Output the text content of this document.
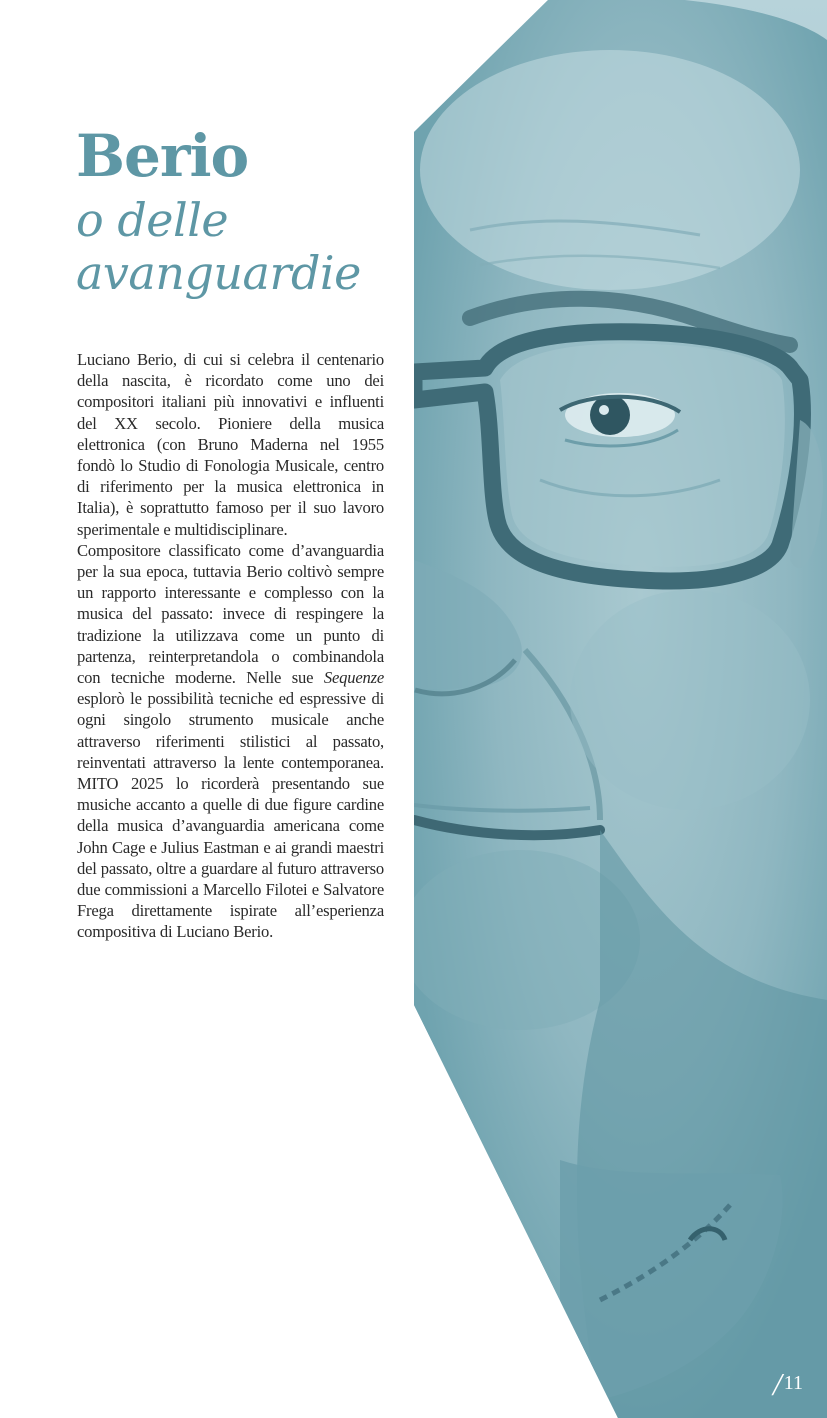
Berio
o delle
avanguardie

Luciano Berio, di cui si celebra il centenario della nascita, è ricordato come uno dei compositori italiani più innovativi e influenti del XX secolo. Pioniere della musica elettronica (con Bruno Maderna nel 1955 fondò lo Studio di Fonologia Musicale, centro di riferimento per la musica elettronica in Italia), è soprattutto famoso per il suo lavoro sperimentale e multidisciplinare.

Compositore classificato come d’avanguardia per la sua epoca, tuttavia Berio coltivò sempre un rapporto interessante e complesso con la musica del passato: invece di respingere la tradizione la utilizzava come un punto di partenza, reinterpretandola o combinandola con tecniche moderne. Nelle sue Sequenze esplorò le possibilità tecniche ed espressive di ogni singolo strumento musicale anche attraverso riferimenti stilistici al passato, reinventati attraverso la lente contemporanea. MITO 2025 lo ricorderà presentando sue musiche accanto a quelle di due figure cardine della musica d’avanguardia americana come John Cage e Julius Eastman e ai grandi maestri del passato, oltre a guardare al futuro attraverso due commissioni a Marcello Filotei e Salvatore Frega direttamente ispirate all’esperienza compositiva di Luciano Berio.

/ 11
